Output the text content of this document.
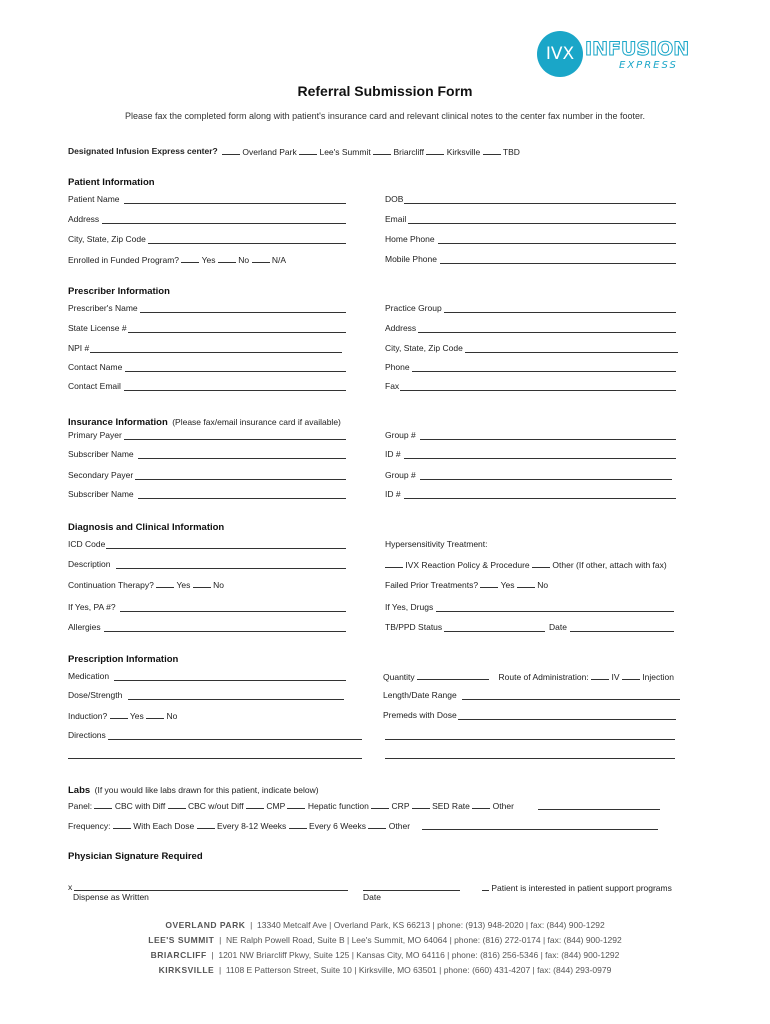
IVX INFUSION
EXPRESS
Referral Submission Form
Please fax the completed form along with patient's insurance card and relevant clinical notes to the center fax number in the footer.
Designated Infusion Express center?	Overland Park	Lee's Summit	Briarcliff	Kirksville	TBD
Patient Information
Patient Name	DOB
Address	Email
City, State, Zip Code	Home Phone
Enrolled in Funded Program?	Yes	No	N/A	Mobile Phone
Prescriber Information
Prescriber's Name	Practice Group
State License #	Address
NPI #	City, State, Zip Code
Contact Name	Phone
Contact Email	Fax
Insurance Information (Please fax/email insurance card if available)
Primary Payer	Group #
Subscriber Name	ID #
Secondary Payer	Group #
Subscriber Name	ID #
Diagnosis and Clinical Information
ICD Code	Hypersensitivity Treatment:
Description	IVX Reaction Policy & Procedure	Other (If other, attach with fax)
Continuation Therapy?	Yes	No	Failed Prior Treatments?	Yes	No
If Yes, PA #?	If Yes, Drugs
Allergies	TB/PPD Status	Date
Prescription Information
Medication	Quantity	Route of Administration:	IV	Injection
Dose/Strength	Length/Date Range
Induction?	Yes	No	Premeds with Dose
Directions
Labs (If you would like labs drawn for this patient, indicate below)
Panel:	CBC with Diff	CBC w/out Diff	CMP	Hepatic function	CRP	SED Rate	Other
Frequency:	With Each Dose	Every 8-12 Weeks	Every 6 Weeks	Other
Physician Signature Required
x
Dispense as Written	Date
Patient is interested in patient support programs
OVERLAND PARK  |  13340 Metcalf Ave | Overland Park, KS 66213 | phone: (913) 948-2020 | fax: (844) 900-1292
LEE'S SUMMIT  |  NE Ralph Powell Road, Suite B | Lee's Summit, MO 64064 | phone: (816) 272-0174 | fax: (844) 900-1292
BRIARCLIFF  |  1201 NW Briarcliff Pkwy, Suite 125 | Kansas City, MO 64116 | phone: (816) 256-5346 | fax: (844) 900-1292
KIRKSVILLE  |  1108 E Patterson Street, Suite 10 | Kirksville, MO 63501 | phone: (660) 431-4207 | fax: (844) 293-0979
